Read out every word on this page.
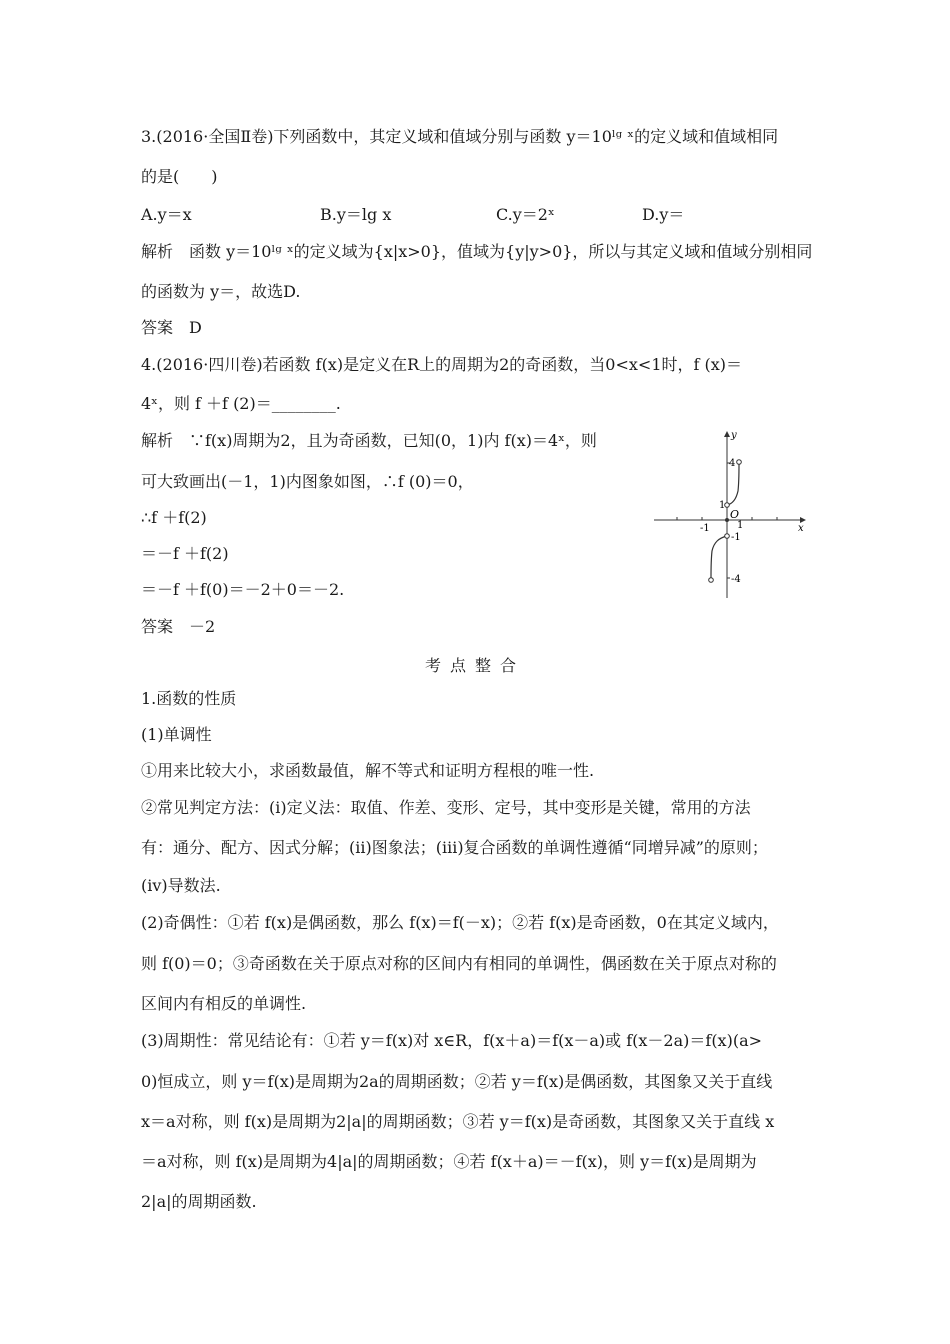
3.(2016·全国Ⅱ卷)下列函数中，其定义域和值域分别与函数 y＝10ˡᵍ ˣ的定义域和值域相同
的是(　　)
A.y＝x	B.y＝lg x	C.y＝2ˣ	D.y＝
解析　函数 y＝10ˡᵍ ˣ的定义域为{x|x>0}，值域为{y|y>0}，所以与其定义域和值域分别相同
的函数为 y＝，故选D.
答案　D
4.(2016·四川卷)若函数 f(x)是定义在R上的周期为2的奇函数，当0<x<1时，f (x)＝
4ˣ，则 f ＋f (2)＝________.
解析　∵f(x)周期为2，且为奇函数，已知(0，1)内 f(x)＝4ˣ，则
可大致画出(－1，1)内图象如图，∴f (0)＝0，
∴f ＋f(2)
＝－f ＋f(2)
＝－f ＋f(0)＝－2＋0＝－2.
答案　－2
y
x
4
1
O
-1	1
-1
-4
考点整合
1.函数的性质
(1)单调性
①用来比较大小，求函数最值，解不等式和证明方程根的唯一性.
②常见判定方法：(ⅰ)定义法：取值、作差、变形、定号，其中变形是关键，常用的方法
有：通分、配方、因式分解；(ⅱ)图象法；(ⅲ)复合函数的单调性遵循“同增异减”的原则；
(ⅳ)导数法.
(2)奇偶性：①若 f(x)是偶函数，那么 f(x)＝f(－x)；②若 f(x)是奇函数，0在其定义域内，
则 f(0)＝0；③奇函数在关于原点对称的区间内有相同的单调性，偶函数在关于原点对称的
区间内有相反的单调性.
(3)周期性：常见结论有：①若 y＝f(x)对 x∈R，f(x＋a)＝f(x－a)或 f(x－2a)＝f(x)(a>
0)恒成立，则 y＝f(x)是周期为2a的周期函数；②若 y＝f(x)是偶函数，其图象又关于直线
x＝a对称，则 f(x)是周期为2|a|的周期函数；③若 y＝f(x)是奇函数，其图象又关于直线 x
＝a对称，则 f(x)是周期为4|a|的周期函数；④若 f(x＋a)＝－f(x)，则 y＝f(x)是周期为
2|a|的周期函数.
